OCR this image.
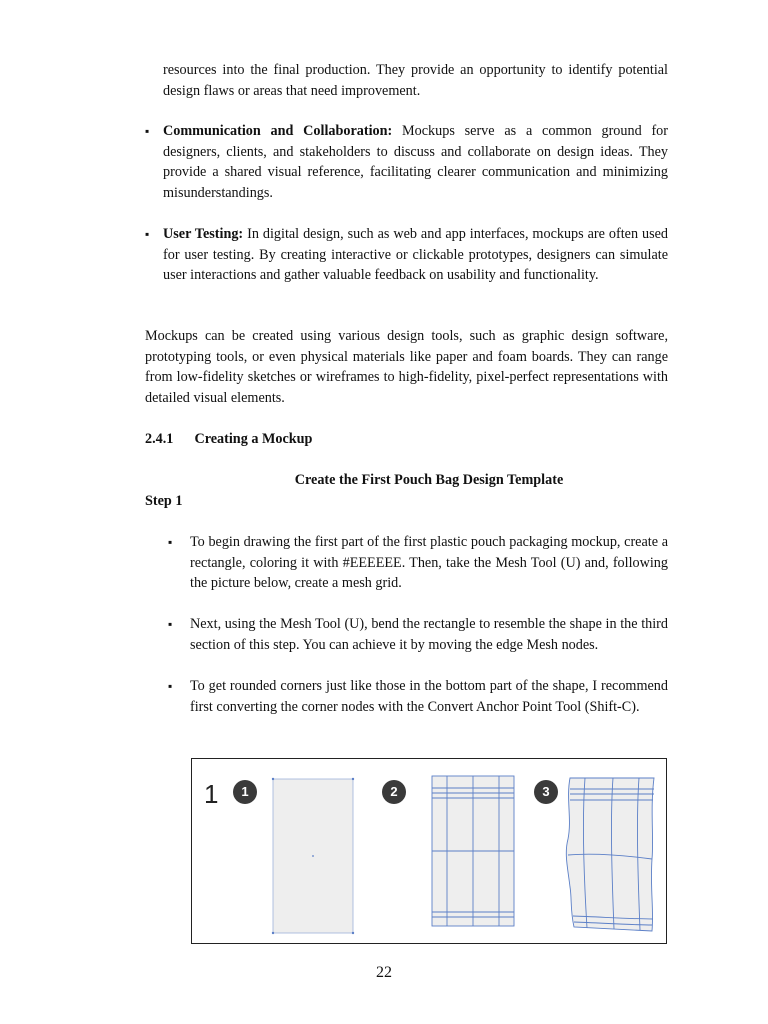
resources into the final production. They provide an opportunity to identify potential design flaws or areas that need improvement.

▪ Communication and Collaboration: Mockups serve as a common ground for designers, clients, and stakeholders to discuss and collaborate on design ideas. They provide a shared visual reference, facilitating clearer communication and minimizing misunderstandings.

▪ User Testing: In digital design, such as web and app interfaces, mockups are often used for user testing. By creating interactive or clickable prototypes, designers can simulate user interactions and gather valuable feedback on usability and functionality.

Mockups can be created using various design tools, such as graphic design software, prototyping tools, or even physical materials like paper and foam boards. They can range from low-fidelity sketches or wireframes to high-fidelity, pixel-perfect representations with detailed visual elements.

2.4.1 Creating a Mockup
Create the First Pouch Bag Design Template
Step 1
▪ To begin drawing the first part of the first plastic pouch packaging mockup, create a rectangle, coloring it with #EEEEEE. Then, take the Mesh Tool (U) and, following the picture below, create a mesh grid.

▪ Next, using the Mesh Tool (U), bend the rectangle to resemble the shape in the third section of this step. You can achieve it by moving the edge Mesh nodes.

▪ To get rounded corners just like those in the bottom part of the shape, I recommend first converting the corner nodes with the Convert Anchor Point Tool (Shift-C).

1	1	2	3
22
